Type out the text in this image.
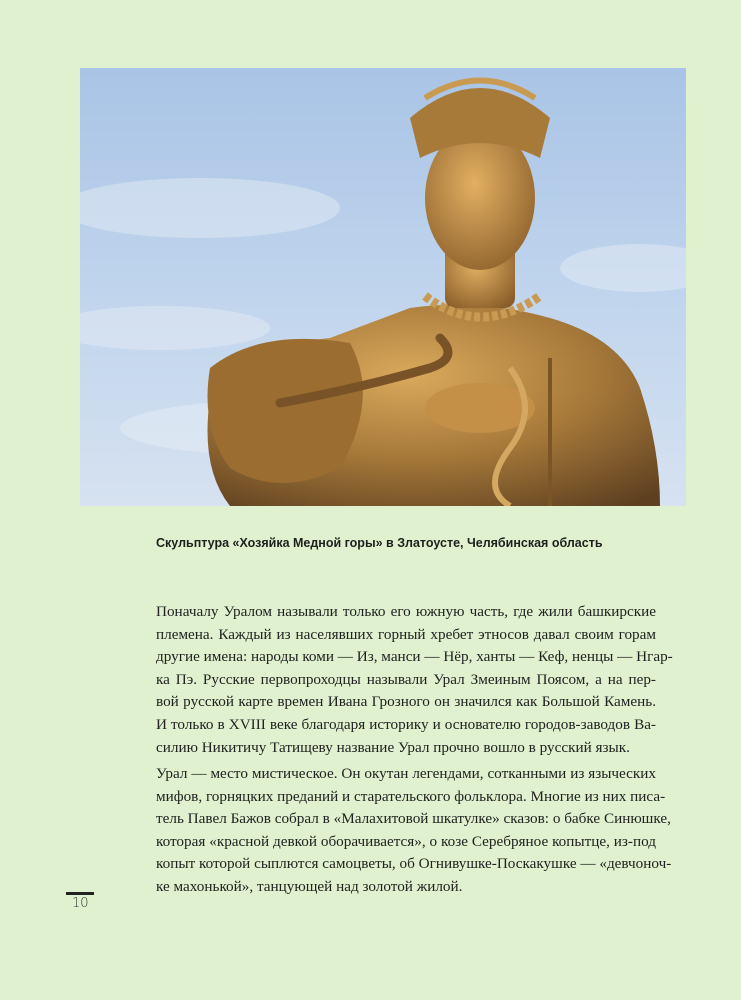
Скульптура «Хозяйка Медной горы» в Златоусте, Челябинская область

Поначалу Уралом называли только его южную часть, где жили башкирские
племена. Каждый из населявших горный хребет этносов давал своим горам
другие имена: народы коми — Из, манси — Нёр, ханты — Кеф, ненцы — Нгар-
ка Пэ. Русские первопроходцы называли Урал Змеиным Поясом, а на пер-
вой русской карте времен Ивана Грозного он значился как Большой Камень.
И только в XVIII веке благодаря историку и основателю городов-заводов Ва-
силию Никитичу Татищеву название Урал прочно вошло в русский язык.

Урал — место мистическое. Он окутан легендами, сотканными из языческих
мифов, горняцких преданий и старательского фольклора. Многие из них писа-
тель Павел Бажов собрал в «Малахитовой шкатулке» сказов: о бабке Синюшке,
которая «красной девкой оборачивается», о козе Серебряное копытце, из-под
копыт которой сыплются самоцветы, об Огнивушке-Поскакушке — «девчоноч-
ке махонькой», танцующей над золотой жилой.

10
